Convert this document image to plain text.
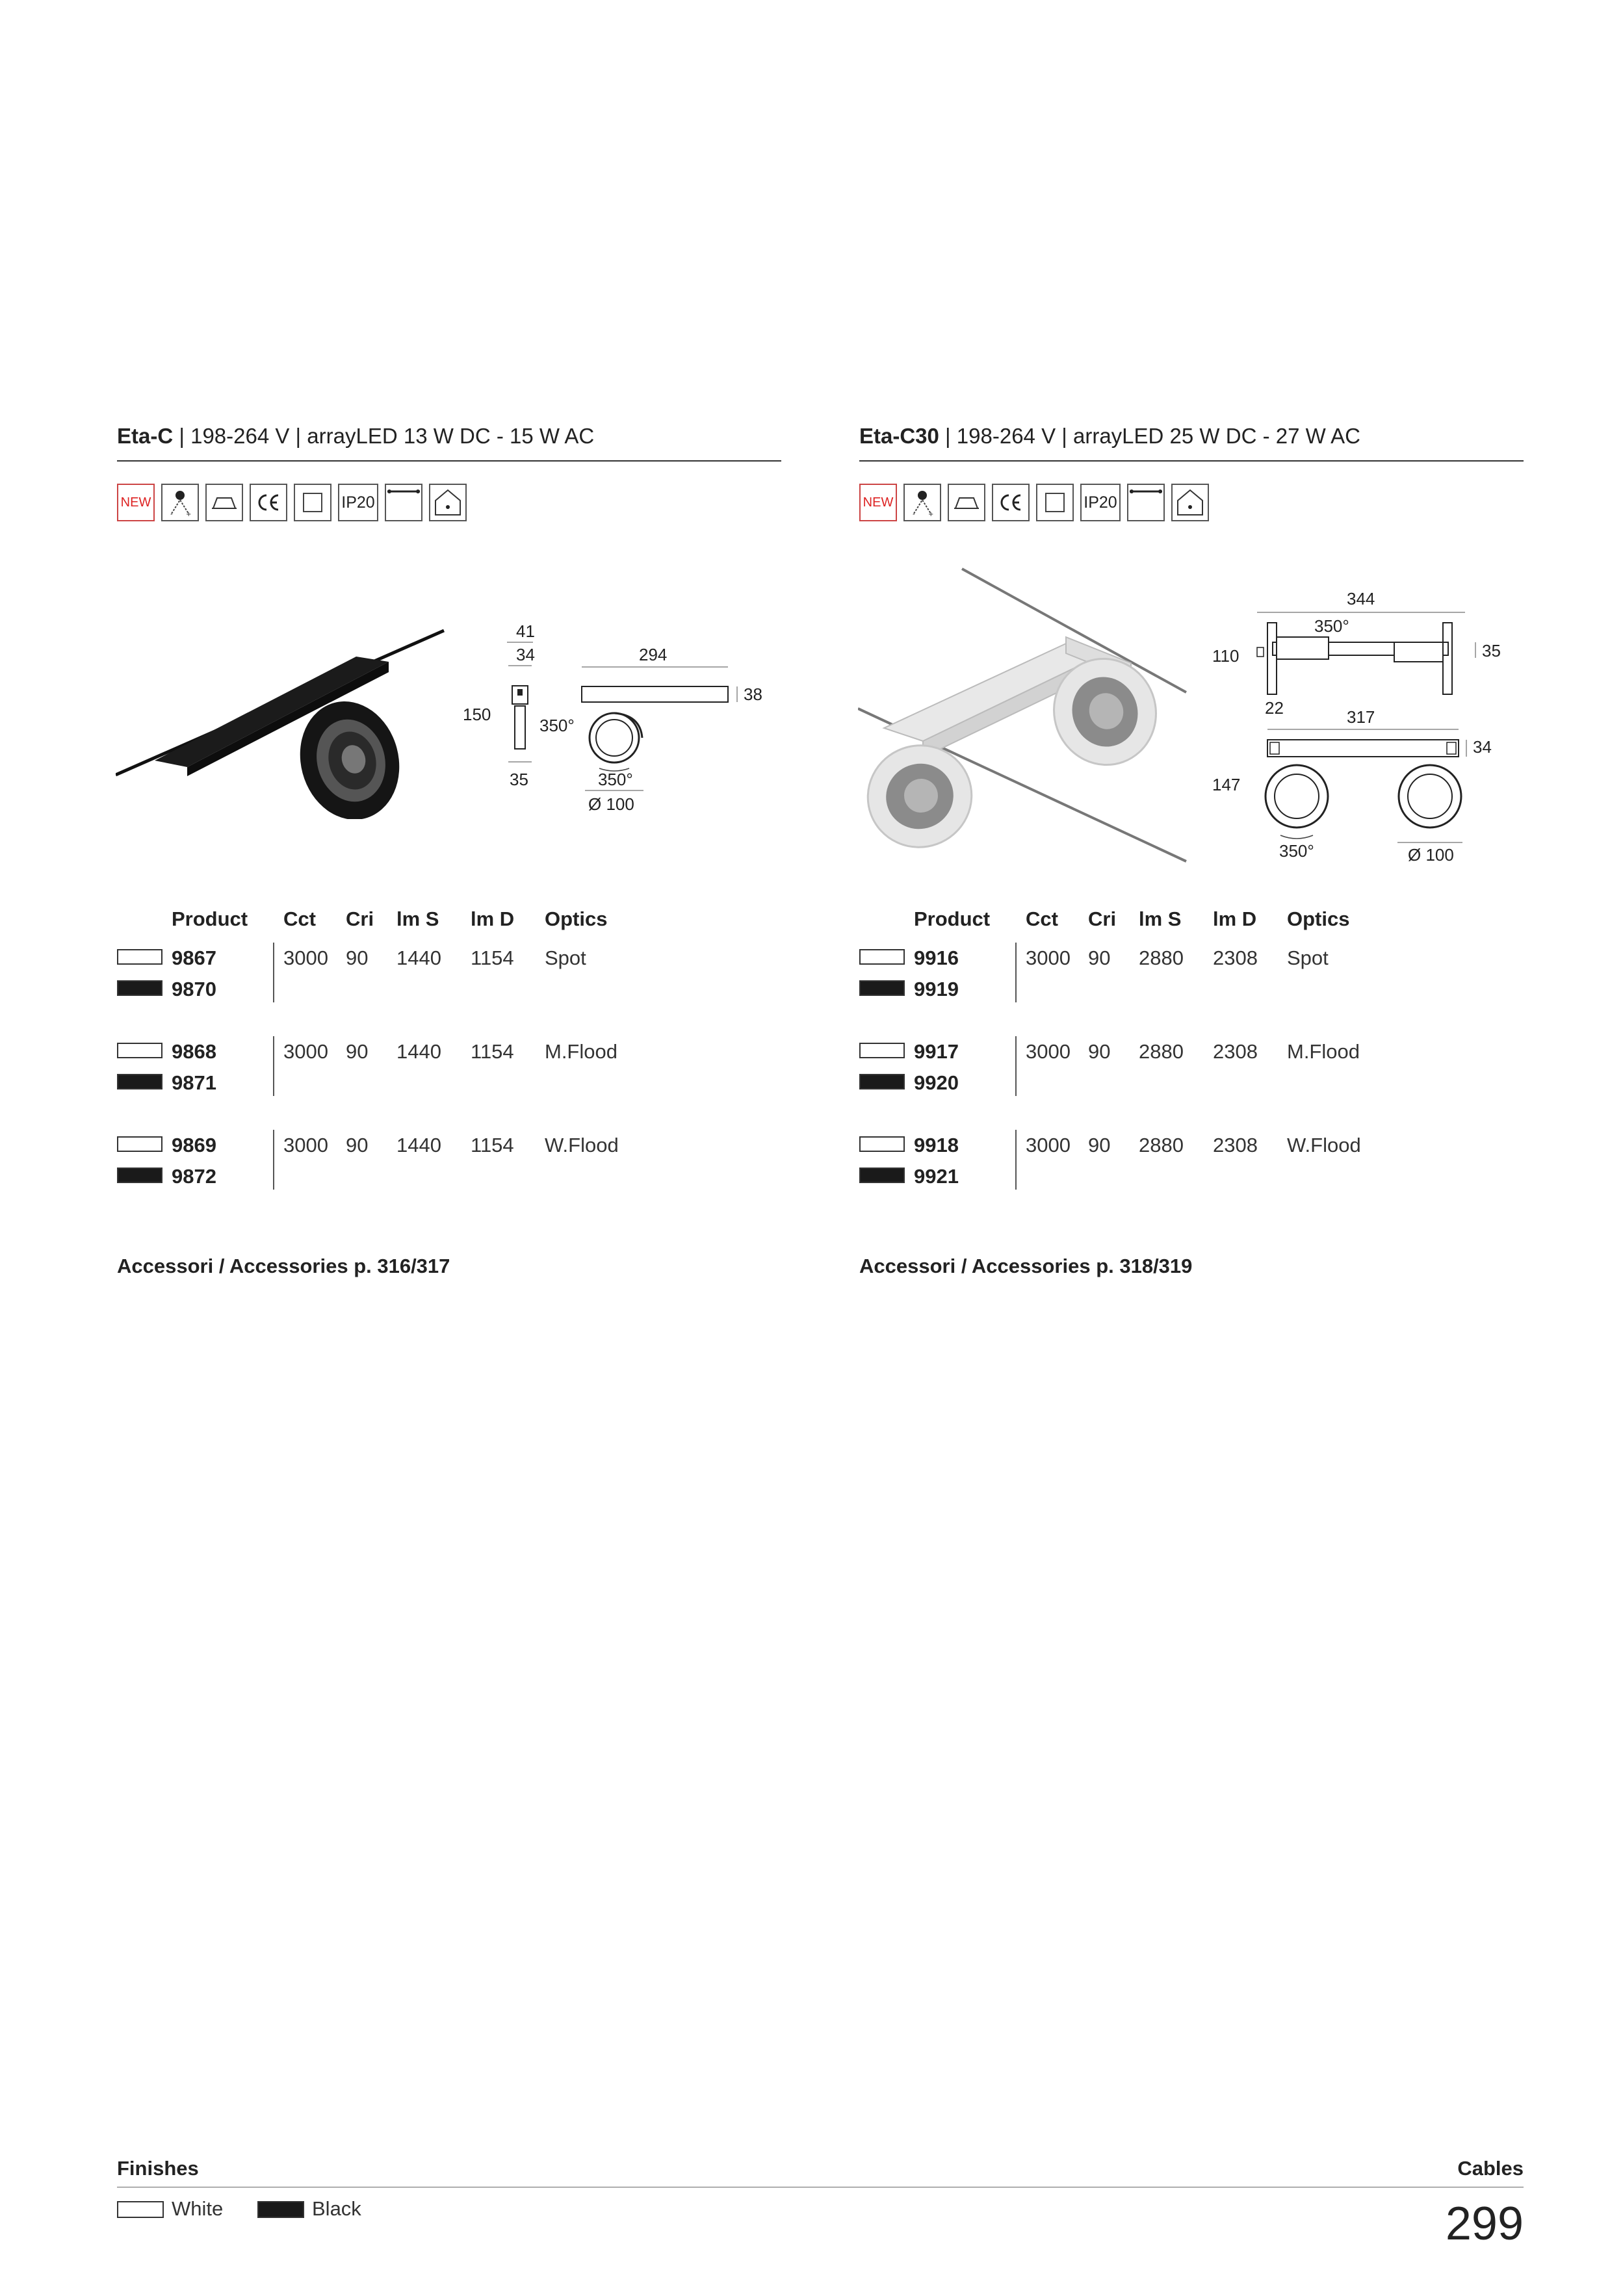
Eta-C | 198-264 V | arrayLED 13 W DC - 15 W AC
NEW
- +
IP20
41
34
150
350°
35
294
38
350°
Ø 100
Product Cct Cri lm S lm D Optics
9867
9870
3000 90 1440 1154 Spot
9868
9871
3000 90 1440 1154 M.Flood
9869
9872
3000 90 1440 1154 W.Flood
Accessori / Accessories p. 316/317
Eta-C30 | 198-264 V | arrayLED 25 W DC - 27 W AC
NEW
- +
IP20
344
350°
110	35
22	317
34
147
350°	Ø 100
Product Cct Cri lm S lm D Optics
9916
9919
3000 90 2880 2308 Spot
9917
9920
3000 90 2880 2308 M.Flood
9918
9921
3000 90 2880 2308 W.Flood
Accessori / Accessories p. 318/319
Finishes	Cables
White	Black	299
